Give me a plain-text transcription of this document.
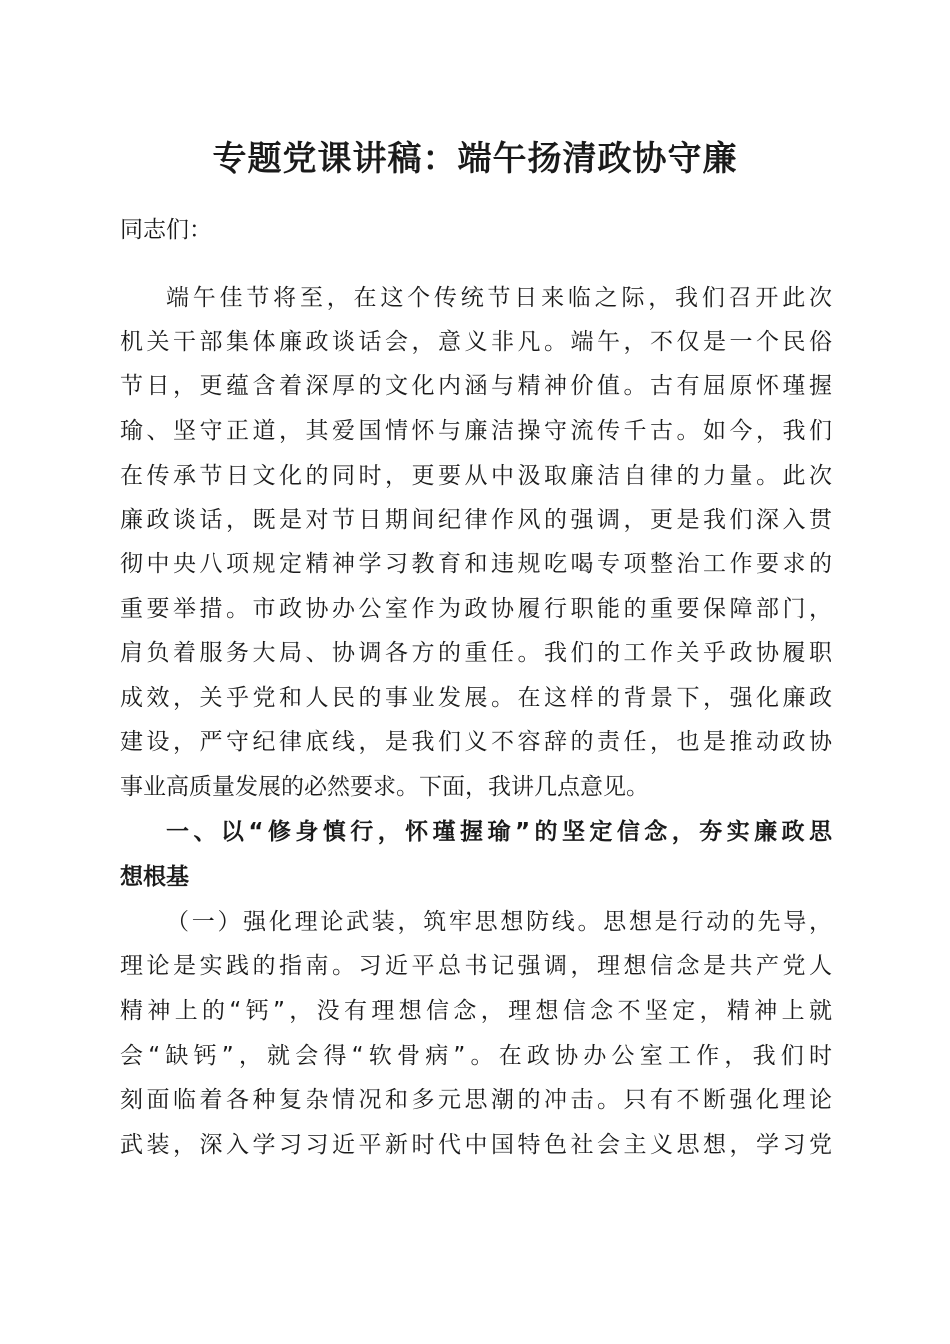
专题党课讲稿：端午扬清政协守廉

同志们：

端午佳节将至，在这个传统节日来临之际，我们召开此次

机关干部集体廉政谈话会，意义非凡。端午，不仅是一个民俗

节日，更蕴含着深厚的文化内涵与精神价值。古有屈原怀瑾握

瑜、坚守正道，其爱国情怀与廉洁操守流传千古。如今，我们

在传承节日文化的同时，更要从中汲取廉洁自律的力量。此次

廉政谈话，既是对节日期间纪律作风的强调，更是我们深入贯

彻中央八项规定精神学习教育和违规吃喝专项整治工作要求的

重要举措。市政协办公室作为政协履行职能的重要保障部门，

肩负着服务大局、协调各方的重任。我们的工作关乎政协履职

成效，关乎党和人民的事业发展。在这样的背景下，强化廉政

建设，严守纪律底线，是我们义不容辞的责任，也是推动政协

事业高质量发展的必然要求。下面，我讲几点意见。

一、以“修身慎行，怀瑾握瑜”的坚定信念，夯实廉政思

想根基

（一）强化理论武装，筑牢思想防线。思想是行动的先导，

理论是实践的指南。习近平总书记强调，理想信念是共产党人

精神上的“钙”，没有理想信念，理想信念不坚定，精神上就

会“缺钙”，就会得“软骨病”。在政协办公室工作，我们时

刻面临着各种复杂情况和多元思潮的冲击。只有不断强化理论

武装，深入学习习近平新时代中国特色社会主义思想，学习党
